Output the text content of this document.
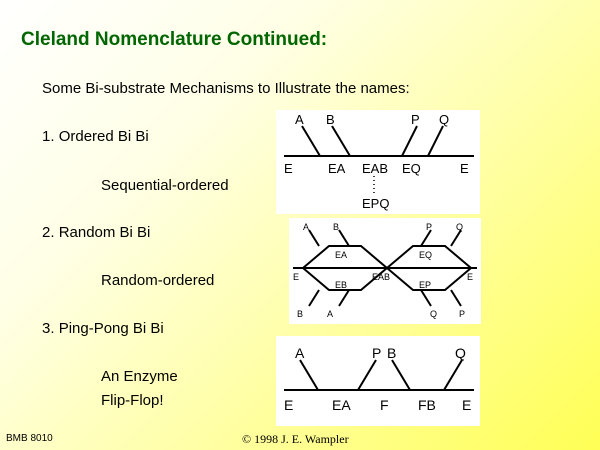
Cleland Nomenclature Continued:
Some Bi-substrate Mechanisms to Illustrate the names:
1. Ordered Bi Bi
Sequential-ordered
2. Random Bi Bi
Random-ordered
3. Ping-Pong Bi Bi
An Enzyme
Flip-Flop!
A B	P Q
E	EA EAB EQ	E
EPQ
A	B	P	Q
B	A	Q P
E
EA
EB
EAB
EQ
EP
E
A	P B	Q
E	EA F FB E
BMB 8010	© 1998 J. E. Wampler
